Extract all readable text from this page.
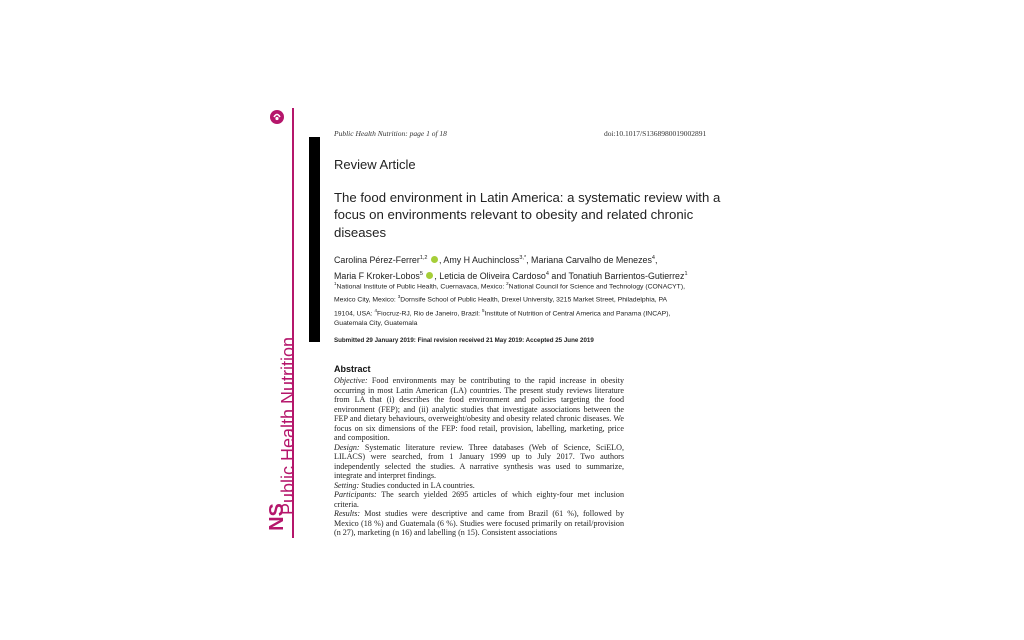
Public Health Nutrition
NS
Public Health Nutrition: page 1 of 18	doi:10.1017/S1368980019002891
Review Article
The food environment in Latin America: a systematic review with a focus on environments relevant to obesity and related chronic diseases
Carolina Pérez-Ferrer$^{1,2}$ , Amy H Auchincloss$^{3,*}$, Mariana Carvalho de Menezes$^4$,
Maria F Kroker-Lobos$^5$ , Leticia de Oliveira Cardoso$^4$ and Tonatiuh Barrientos-Gutierrez$^1$
$^1$National Institute of Public Health, Cuernavaca, Mexico: $^2$National Council for Science and Technology (CONACYT),
Mexico City, Mexico: $^3$Dornsife School of Public Health, Drexel University, 3215 Market Street, Philadelphia, PA
19104, USA: $^4$Fiocruz-RJ, Rio de Janeiro, Brazil: $^5$Institute of Nutrition of Central America and Panama (INCAP),
Guatemala City, Guatemala
Submitted 29 January 2019: Final revision received 21 May 2019: Accepted 25 June 2019
Abstract

Objective: Food environments may be contributing to the rapid increase in obesity occurring in most Latin American (LA) countries. The present study reviews literature from LA that (i) describes the food environment and policies targeting the food environment (FEP); and (ii) analytic studies that investigate associations between the FEP and dietary behaviours, overweight/obesity and obesity related chronic diseases. We focus on six dimensions of the FEP: food retail, provision, labelling, marketing, price and composition.

Design: Systematic literature review. Three databases (Web of Science, SciELO, LILACS) were searched, from 1 January 1999 up to July 2017. Two authors independently selected the studies. A narrative synthesis was used to summarize, integrate and interpret findings.

Setting: Studies conducted in LA countries.

Participants: The search yielded 2695 articles of which eighty-four met inclusion criteria.

Results: Most studies were descriptive and came from Brazil (61 %), followed by Mexico (18 %) and Guatemala (6 %). Studies were focused primarily on retail/provision (n 27), marketing (n 16) and labelling (n 15). Consistent associations
